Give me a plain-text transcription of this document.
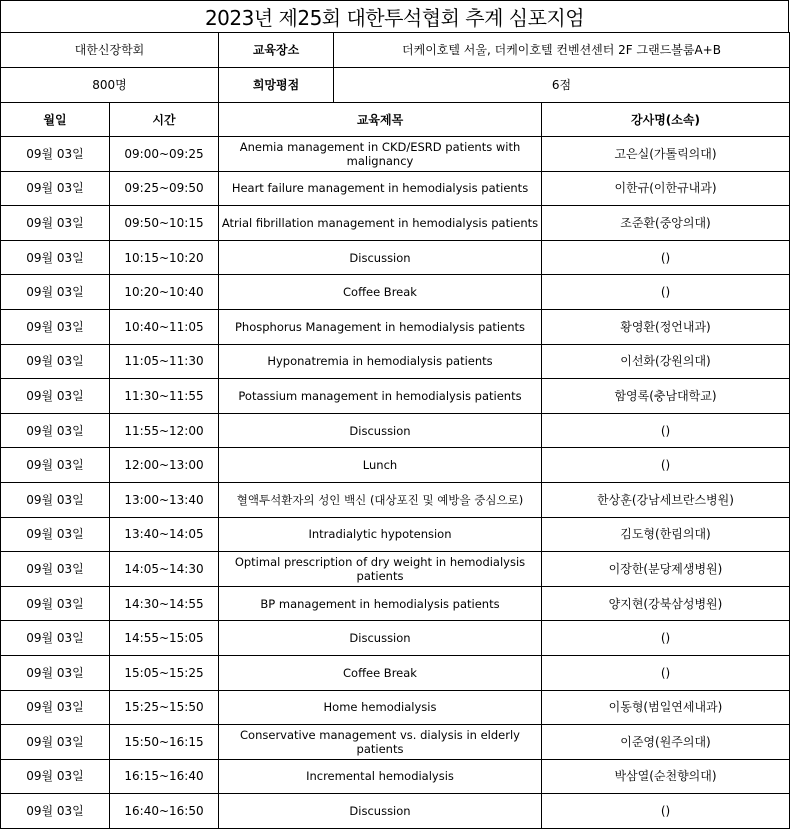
2023년 제25회 대한투석협회 추계 심포지엄
대한신장학회	교육장소	더케이호텔 서울, 더케이호텔 컨벤션센터 2F 그랜드볼룸A+B
800명	희망평점	6점
월일	시간	교육제목	강사명(소속)
09월 03일	09:00~09:25	Anemia management in CKD/ESRD patients with malignancy	고은실(가톨릭의대)
09월 03일	09:25~09:50	Heart failure management in hemodialysis patients	이한규(이한규내과)
09월 03일	09:50~10:15	Atrial fibrillation management in hemodialysis patients	조준환(중앙의대)
09월 03일	10:15~10:20	Discussion	()
09월 03일	10:20~10:40	Coffee Break	()
09월 03일	10:40~11:05	Phosphorus Management in hemodialysis patients	황영환(정언내과)
09월 03일	11:05~11:30	Hyponatremia in hemodialysis patients	이선화(강원의대)
09월 03일	11:30~11:55	Potassium management in hemodialysis patients	함영록(충남대학교)
09월 03일	11:55~12:00	Discussion	()
09월 03일	12:00~13:00	Lunch	()
09월 03일	13:00~13:40	혈액투석환자의 성인 백신 (대상포진 및 예방을 중심으로)	한상훈(강남세브란스병원)
09월 03일	13:40~14:05	Intradialytic hypotension	김도형(한림의대)
09월 03일	14:05~14:30	Optimal prescription of dry weight in hemodialysis patients	이장한(분당제생병원)
09월 03일	14:30~14:55	BP management in hemodialysis patients	양지현(강북삼성병원)
09월 03일	14:55~15:05	Discussion	()
09월 03일	15:05~15:25	Coffee Break	()
09월 03일	15:25~15:50	Home hemodialysis	이동형(범일연세내과)
09월 03일	15:50~16:15	Conservative management vs. dialysis in elderly patients	이준영(원주의대)
09월 03일	16:15~16:40	Incremental hemodialysis	박삼열(순천향의대)
09월 03일	16:40~16:50	Discussion	()
